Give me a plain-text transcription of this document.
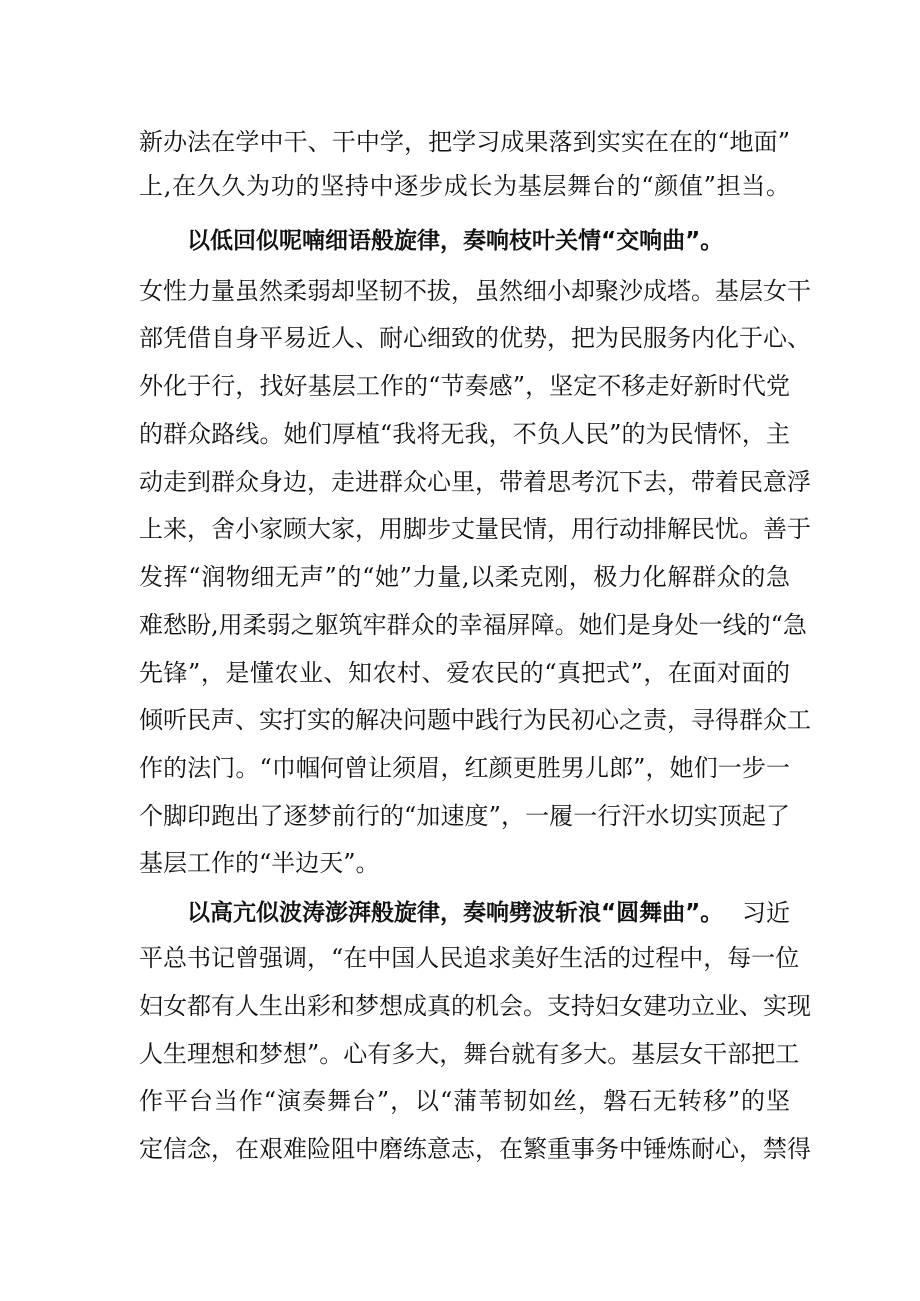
新办法在学中干、干中学，把学习成果落到实实在在的“地面”
上,在久久为功的坚持中逐步成长为基层舞台的“颜值”担当。
以低回似呢喃细语般旋律，奏响枝叶关情“交响曲”。
女性力量虽然柔弱却坚韧不拔，虽然细小却聚沙成塔。基层女干
部凭借自身平易近人、耐心细致的优势，把为民服务内化于心、
外化于行，找好基层工作的“节奏感”，坚定不移走好新时代党
的群众路线。她们厚植“我将无我，不负人民”的为民情怀，主
动走到群众身边，走进群众心里，带着思考沉下去，带着民意浮
上来，舍小家顾大家，用脚步丈量民情，用行动排解民忧。善于
发挥“润物细无声”的“她”力量,以柔克刚，极力化解群众的急
难愁盼,用柔弱之躯筑牢群众的幸福屏障。她们是身处一线的“急
先锋”，是懂农业、知农村、爱农民的“真把式”，在面对面的
倾听民声、实打实的解决问题中践行为民初心之责，寻得群众工
作的法门。“巾帼何曾让须眉，红颜更胜男儿郎”，她们一步一
个脚印跑出了逐梦前行的“加速度”，一履一行汗水切实顶起了
基层工作的“半边天”。
以高亢似波涛澎湃般旋律，奏响劈波斩浪“圆舞曲”。 习近
平总书记曾强调，“在中国人民追求美好生活的过程中，每一位
妇女都有人生出彩和梦想成真的机会。支持妇女建功立业、实现
人生理想和梦想”。心有多大，舞台就有多大。基层女干部把工
作平台当作“演奏舞台”，以“蒲苇韧如丝，磐石无转移”的坚
定信念，在艰难险阻中磨练意志，在繁重事务中锤炼耐心，禁得
